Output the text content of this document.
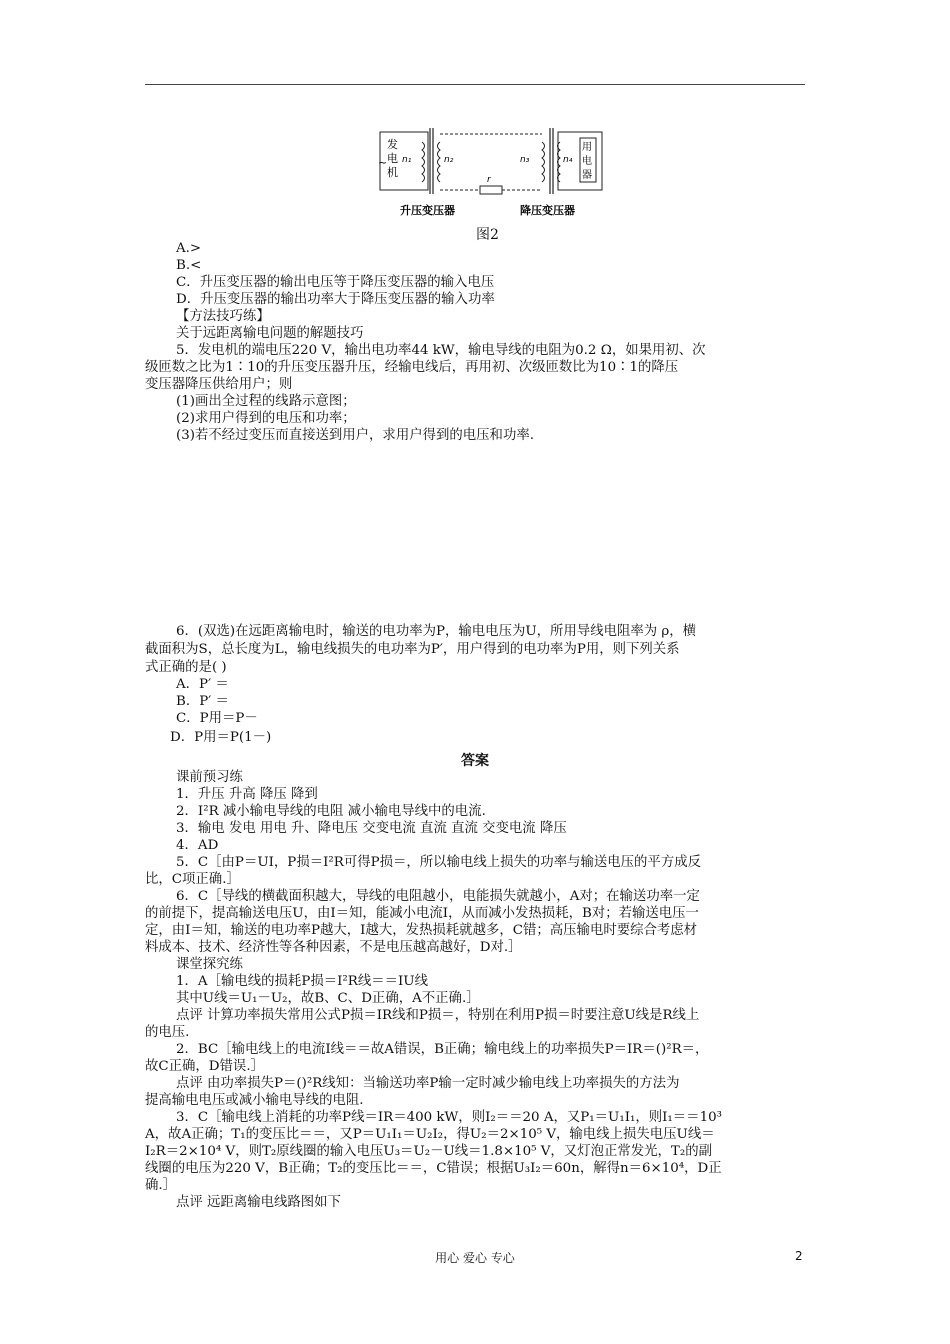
~
发
电
机
n₁	n₂
r
n₃	n₄
用
电
器
升压变压器	降压变压器
图2
A.>
B.<
C．升压变压器的输出电压等于降压变压器的输入电压
D．升压变压器的输出功率大于降压变压器的输入功率
【方法技巧练】
关于远距离输电问题的解题技巧
5．发电机的端电压220 V，输出电功率44 kW，输电导线的电阻为0.2 Ω，如果用初、次
级匝数之比为1∶10的升压变压器升压，经输电线后，再用初、次级匝数比为10∶1的降压
变压器降压供给用户；则
(1)画出全过程的线路示意图；
(2)求用户得到的电压和功率；
(3)若不经过变压而直接送到用户，求用户得到的电压和功率.
6．(双选)在远距离输电时，输送的电功率为P，输电电压为U，所用导线电阻率为 ρ，横
截面积为S，总长度为L，输电线损失的电功率为P′，用户得到的电功率为P用，则下列关系
式正确的是( )
A．P′ ＝
B．P′ ＝
C．P用＝P－
D．P用＝P(1－)
答案
课前预习练
1．升压 升高 降压 降到
2．I²R 减小输电导线的电阻 减小输电导线中的电流.
3．输电 发电 用电 升、降电压 交变电流 直流 直流 交变电流 降压
4．AD
5．C［由P＝UI，P损＝I²R可得P损＝，所以输电线上损失的功率与输送电压的平方成反
比，C项正确.］
6．C［导线的横截面积越大，导线的电阻越小，电能损失就越小，A对；在输送功率一定
的前提下，提高输送电压U，由I＝知，能减小电流I，从而减小发热损耗，B对；若输送电压一
定，由I＝知，输送的电功率P越大，I越大，发热损耗就越多，C错；高压输电时要综合考虑材
料成本、技术、经济性等各种因素，不是电压越高越好，D对.］
课堂探究练
1．A［输电线的损耗P损＝I²R线＝＝IU线
其中U线＝U₁－U₂，故B、C、D正确，A不正确.］
点评 计算功率损失常用公式P损＝IR线和P损＝，特别在利用P损＝时要注意U线是R线上
的电压.
2．BC［输电线上的电流I线＝＝故A错误，B正确；输电线上的功率损失P＝IR＝()²R＝，
故C正确，D错误.］
点评 由功率损失P＝()²R线知：当输送功率P输一定时减少输电线上功率损失的方法为
提高输电电压或减小输电导线的电阻.
3．C［输电线上消耗的功率P线＝IR＝400 kW，则I₂＝＝20 A，又P₁＝U₁I₁，则I₁＝＝10³
A，故A正确；T₁的变压比＝＝，又P＝U₁I₁＝U₂I₂，得U₂＝2×10⁵ V，输电线上损失电压U线＝
I₂R＝2×10⁴ V，则T₂原线圈的输入电压U₃＝U₂－U线＝1.8×10⁵ V，又灯泡正常发光，T₂的副
线圈的电压为220 V，B正确；T₂的变压比＝＝，C错误；根据U₃I₂＝60n，解得n＝6×10⁴，D正
确.］
点评 远距离输电线路图如下
用心 爱心 专心	2
